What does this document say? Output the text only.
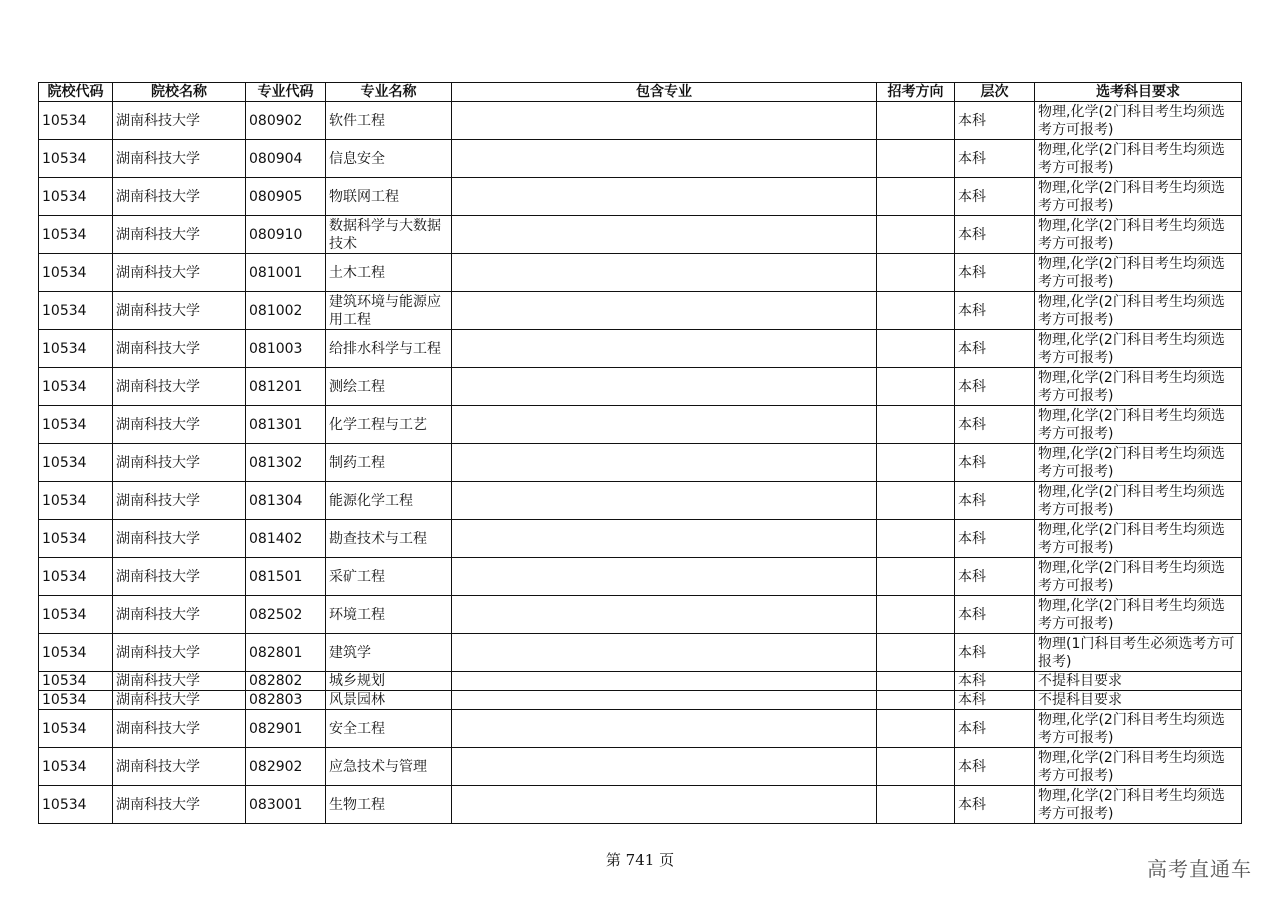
院校代码	院校名称	专业代码	专业名称	包含专业	招考方向	层次	选考科目要求
10534	湖南科技大学	080902	软件工程			本科	物理,化学(2门科目考生均须选考方可报考)
10534	湖南科技大学	080904	信息安全			本科	物理,化学(2门科目考生均须选考方可报考)
10534	湖南科技大学	080905	物联网工程			本科	物理,化学(2门科目考生均须选考方可报考)
10534	湖南科技大学	080910	数据科学与大数据技术			本科	物理,化学(2门科目考生均须选考方可报考)
10534	湖南科技大学	081001	土木工程			本科	物理,化学(2门科目考生均须选考方可报考)
10534	湖南科技大学	081002	建筑环境与能源应用工程			本科	物理,化学(2门科目考生均须选考方可报考)
10534	湖南科技大学	081003	给排水科学与工程			本科	物理,化学(2门科目考生均须选考方可报考)
10534	湖南科技大学	081201	测绘工程			本科	物理,化学(2门科目考生均须选考方可报考)
10534	湖南科技大学	081301	化学工程与工艺			本科	物理,化学(2门科目考生均须选考方可报考)
10534	湖南科技大学	081302	制药工程			本科	物理,化学(2门科目考生均须选考方可报考)
10534	湖南科技大学	081304	能源化学工程			本科	物理,化学(2门科目考生均须选考方可报考)
10534	湖南科技大学	081402	勘查技术与工程			本科	物理,化学(2门科目考生均须选考方可报考)
10534	湖南科技大学	081501	采矿工程			本科	物理,化学(2门科目考生均须选考方可报考)
10534	湖南科技大学	082502	环境工程			本科	物理,化学(2门科目考生均须选考方可报考)
10534	湖南科技大学	082801	建筑学			本科	物理(1门科目考生必须选考方可报考)
10534	湖南科技大学	082802	城乡规划			本科	不提科目要求
10534	湖南科技大学	082803	风景园林			本科	不提科目要求
10534	湖南科技大学	082901	安全工程			本科	物理,化学(2门科目考生均须选考方可报考)
10534	湖南科技大学	082902	应急技术与管理			本科	物理,化学(2门科目考生均须选考方可报考)
10534	湖南科技大学	083001	生物工程			本科	物理,化学(2门科目考生均须选考方可报考)
第 741 页	高考直通车
